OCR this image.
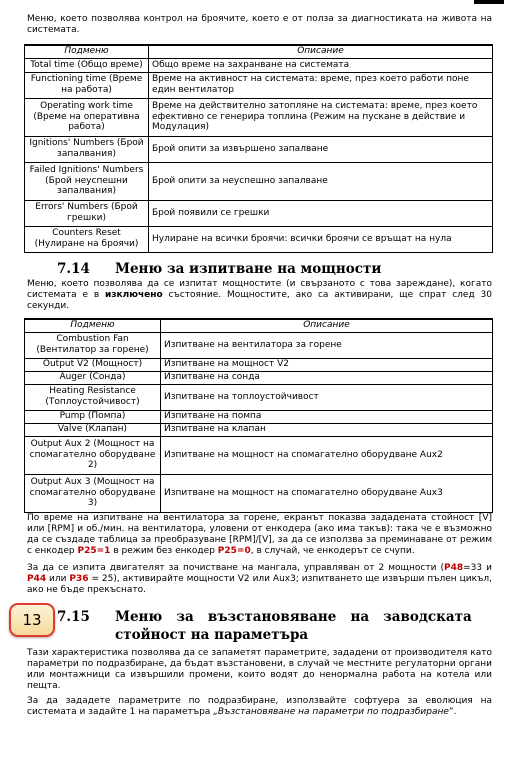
Меню, което позволява контрол на броячите, което е от полза за диагностиката на живота на системата.
Подменю	Описание
Total time (Общо време)	Общо време на захранване на системата
Functioning time (Време на работа)	Време на активност на системата: време, през което работи поне един вентилатор
Operating work time (Време на оперативна работа)	Време на действително затопляне на системата: време, през което ефективно се генерира топлина (Режим на пускане в действие и Модулация)
Ignitions' Numbers (Брой запалвания)	Брой опити за извършено запалване
Failed Ignitions' Numbers (Брой неуспешни запалвания)	Брой опити за неуспешно запалване
Errors' Numbers (Брой грешки)	Брой появили се грешки
Counters Reset (Нулиране на броячи)	Нулиране на всички броячи: всички броячи се връщат на нула
7.14 Меню за изпитване на мощности
Меню, което позволява да се изпитат мощностите (и свързаното с това зареждане), когато системата е в изключено състояние. Мощностите, ако са активирани, ще спрат след 30 секунди.
Подменю	Описание
Combustion Fan (Вентилатор за горене)	Изпитване на вентилатора за горене
Output V2 (Мощност)	Изпитване на мощност V2
Auger (Сонда)	Изпитване на сонда
Heating Resistance (Топлоустойчивост)	Изпитване на топлоустойчивост
Pump (Помпа)	Изпитване на помпа
Valve (Клапан)	Изпитване на клапан
Output Aux 2 (Мощност на спомагателно оборудване 2)	Изпитване на мощност на спомагателно оборудване Aux2
Output Aux 3 (Мощност на спомагателно оборудване 3)	Изпитване на мощност на спомагателно оборудване Aux3
По време на изпитване на вентилатора за горене, екранът показва зададената стойност [V] или [RPM] и об./мин. на вентилатора, уловени от енкодера (ако има такъв): така че е възможно да се създаде таблица за преобразуване [RPM]/[V], за да се използва за преминаване от режим с енкодер P25=1 в режим без енкодер P25=0, в случай, че енкодерът се счупи.
За да се изпита двигателят за почистване на мангала, управляван от 2 мощности (P48=33 и P44 или P36 = 25), активирайте мощности V2 или Aux3; изпитването ще извърши пълен цикъл, ако не бъде прекъснато.
13	7.15 Меню   за   възстановяване   на   заводската
стойност на параметъра
Тази характеристика позволява да се запаметят параметрите, зададени от производителя като параметри по подразбиране, да бъдат възстановени, в случай че местните регулаторни органи или монтажници са извършили промени, които водят до ненормална работа на котела или пещта.
За да зададете параметрите по подразбиране, използвайте софтуера за еволюция на системата и задайте 1 на параметъра „Възстановяване на параметри по подразбиране”.
